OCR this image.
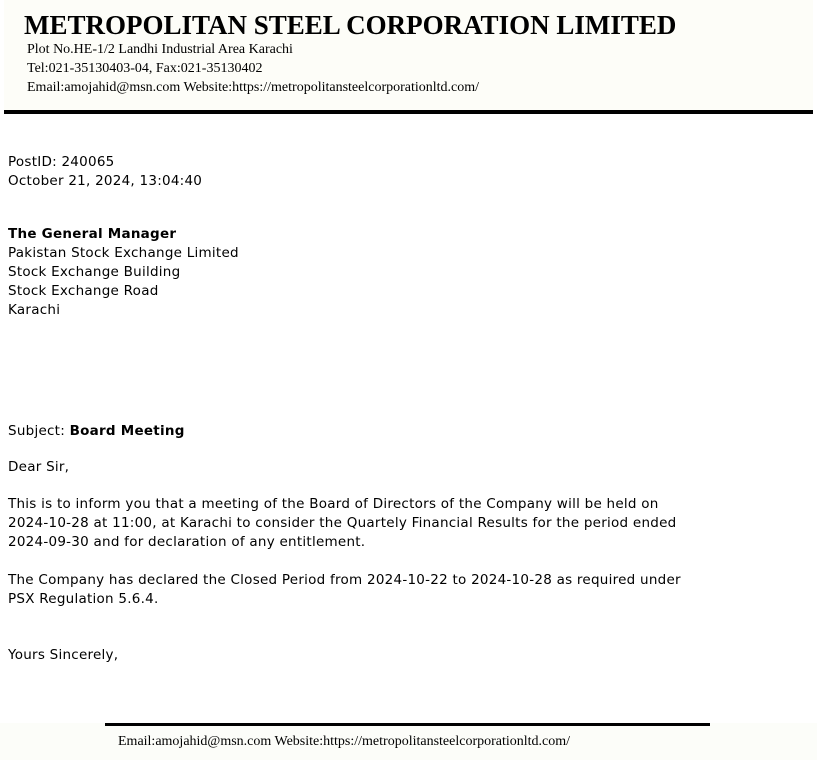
METROPOLITAN STEEL CORPORATION LIMITED
Plot No.HE-1/2 Landhi Industrial Area Karachi
Tel:021-35130403-04, Fax:021-35130402
Email:amojahid@msn.com Website:https://metropolitansteelcorporationltd.com/
PostID: 240065
October 21, 2024, 13:04:40
The General Manager
Pakistan Stock Exchange Limited
Stock Exchange Building
Stock Exchange Road
Karachi
Subject: Board Meeting
Dear Sir,

This is to inform you that a meeting of the Board of Directors of the Company will be held on
2024-10-28 at 11:00, at Karachi to consider the Quartely Financial Results for the period ended
2024-09-30 and for declaration of any entitlement.

The Company has declared the Closed Period from 2024-10-22 to 2024-10-28 as required under
PSX Regulation 5.6.4.

Yours Sincerely,
Email:amojahid@msn.com Website:https://metropolitansteelcorporationltd.com/
